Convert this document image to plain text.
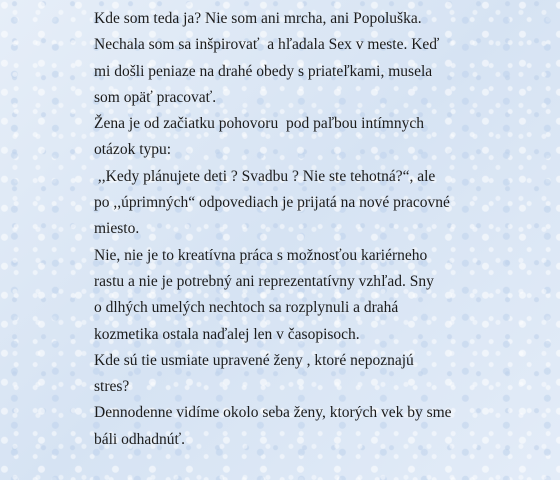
Kde som teda ja? Nie som ani mrcha, ani Popoluška.
Nechala som sa inšpirovať  a hľadala Sex v meste. Keď
mi došli peniaze na drahé obedy s priateľkami, musela
som opäť pracovať.
Žena je od začiatku pohovoru  pod paľbou intímnych
otázok typu:
,,Kedy plánujete deti ? Svadbu ? Nie ste tehotná?“, ale
po ,,úprimných“ odpovediach je prijatá na nové pracovné
miesto.
Nie, nie je to kreatívna práca s možnosťou kariérneho
rastu a nie je potrebný ani reprezentatívny vzhľad. Sny
o dlhých umelých nechtoch sa rozplynuli a drahá
kozmetika ostala naďalej len v časopisoch.
Kde sú tie usmiate upravené ženy , ktoré nepoznajú
stres?
Dennodenne vidíme okolo seba ženy, ktorých vek by sme
báli odhadnúť.
